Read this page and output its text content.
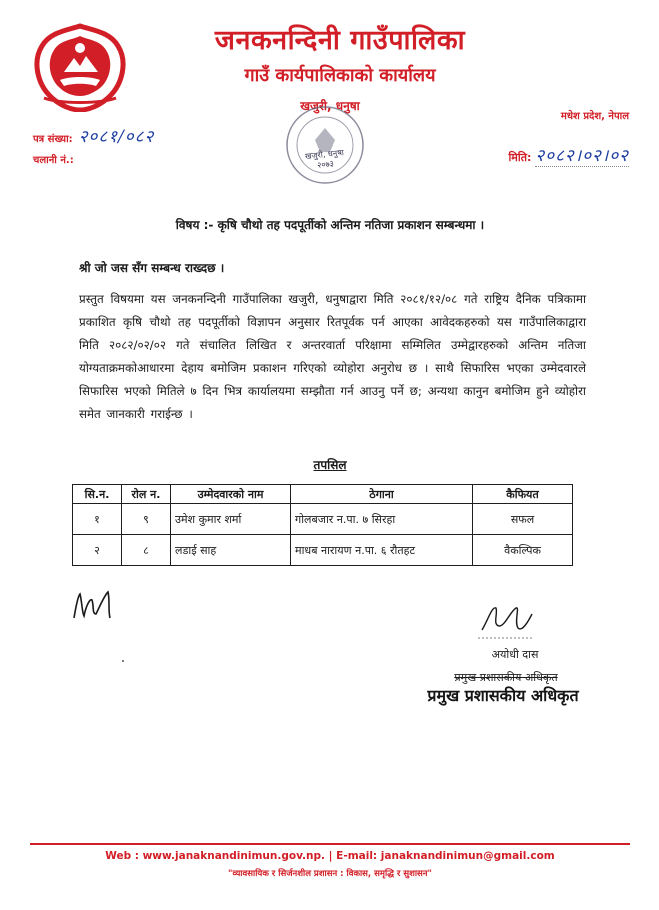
जनकनन्दिनी गाउँपालिका
गाउँ कार्यपालिकाको कार्यालय
खजुरी, धनुषा
मधेश प्रदेश, नेपाल
पत्र संख्या: २०८१/०८२
चलानी नं.:	मिति: २०८२।०२।०२
खजुरी, धनुषा
२०७३
विषय :- कृषि चौथो तह पदपूर्तीको अन्तिम नतिजा प्रकाशन सम्बन्धमा ।
श्री जो जस सँग सम्बन्ध राख्दछ ।
प्रस्तुत विषयमा यस जनकनन्दिनी गाउँपालिका खजुरी, धनुषाद्वारा मिति २०८१/१२/०८ गते राष्ट्रिय दैनिक पत्रिकामा प्रकाशित कृषि चौथो तह पदपूर्तीको विज्ञापन अनुसार रितपूर्वक पर्न आएका आवेदकहरुको यस गाउँपालिकाद्वारा मिति २०८२/०२/०२ गते संचालित लिखित र अन्तरवार्ता परिक्षामा सम्मिलित उम्मेद्वारहरुको अन्तिम नतिजा योग्यताक्रमकोआधारमा देहाय बमोजिम प्रकाशन गरिएको व्योहोरा अनुरोध छ । साथै सिफारिस भएका उम्मेदवारले सिफारिस भएको मितिले ७ दिन भित्र कार्यालयमा सम्झौता गर्न आउनु पर्ने छ; अन्यथा कानुन बमोजिम हुने व्योहोरा समेत जानकारी गराईन्छ ।
तपसिल
सि.न.	रोल न.	उम्मेदवारको नाम	ठेगाना	कैफियत
१	९	उमेश कुमार शर्मा	गोलबजार न.पा. ७ सिरहा	सफल
२	८	लडाई साह	माधब नारायण न.पा. ६ रौतहट	वैकल्पिक
अयोधी दास
प्रमुख प्रशासकीय अधिकृत
प्रमुख प्रशासकीय अधिकृत
Web : www.janaknandinimun.gov.np. | E-mail: janaknandinimun@gmail.com
"व्यावसायिक र सिर्जनशील प्रशासन : विकास, समृद्धि र सुशासन"
